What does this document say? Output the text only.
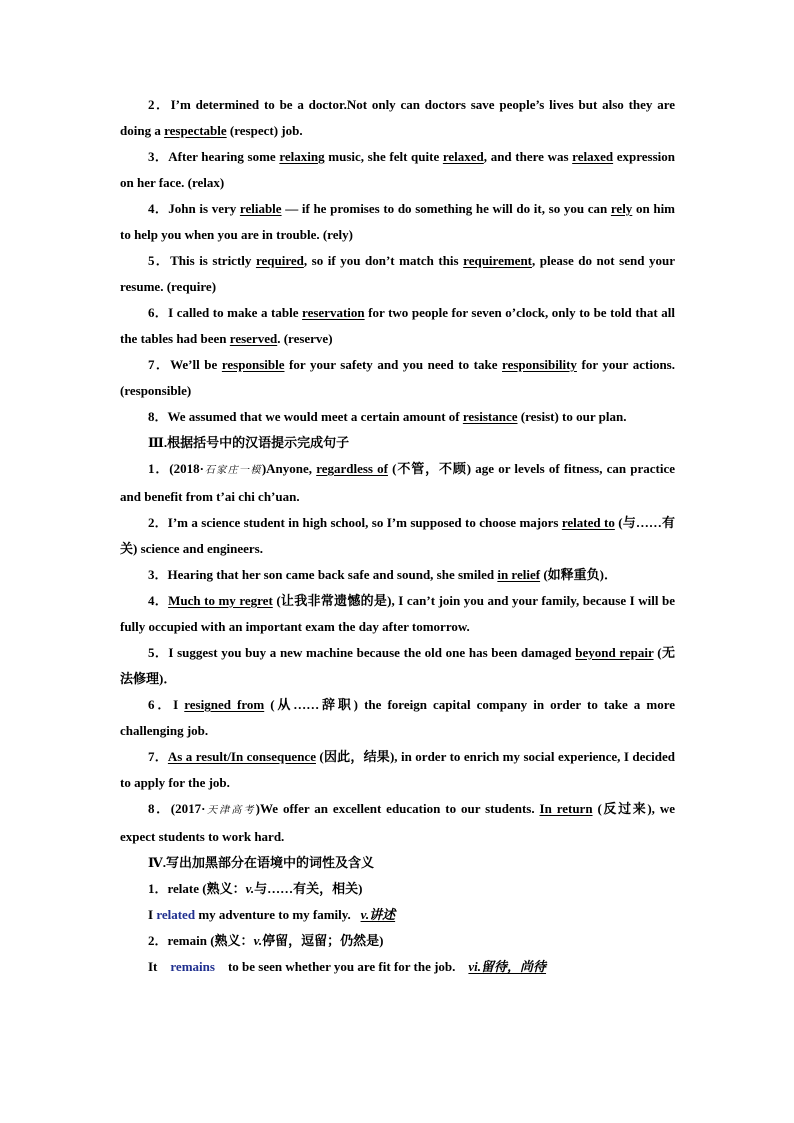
2．I’m determined to be a doctor.Not only can doctors save people’s lives but also they are doing a respectable (respect) job.
3．After hearing some relaxing music, she felt quite relaxed, and there was relaxed expression on her face. (relax)
4．John is very reliable — if he promises to do something he will do it, so you can rely on him to help you when you are in trouble. (rely)
5．This is strictly required, so if you don’t match this requirement, please do not send your resume. (require)
6．I called to make a table reservation for two people for seven o’clock, only to be told that all the tables had been reserved. (reserve)
7．We’ll be responsible for your safety and you need to take responsibility for your actions. (responsible)
8．We assumed that we would meet a certain amount of resistance (resist) to our plan.
Ⅲ.根据括号中的汉语提示完成句子
1．(2018·石家庄一模)Anyone, regardless of (不管，不顾) age or levels of fitness, can practice and benefit from t’ai chi ch’uan.
2．I’m a science student in high school, so I’m supposed to choose majors related to (与……有关) science and engineers.
3．Hearing that her son came back safe and sound, she smiled in relief (如释重负)．
4．Much to my regret (让我非常遗憾的是), I can’t join you and your family, because I will be fully occupied with an important exam the day after tomorrow.
5．I suggest you buy a new machine because the old one has been damaged beyond repair (无法修理)．
6．I resigned from (从……辞职) the foreign capital company in order to take a more challenging job.
7．As a result/In consequence (因此，结果), in order to enrich my social experience, I decided to apply for the job.
8．(2017·天津高考)We offer an excellent education to our students. In return (反过来), we expect students to work hard.
Ⅳ.写出加黑部分在语境中的词性及含义
1．relate (熟义：v.与……有关，相关)
I related my adventure to my family.   v.讲述
2．remain (熟义：v.停留，逗留；仍然是)
It    remains    to be seen whether you are fit for the job.    vi.留待，尚待
